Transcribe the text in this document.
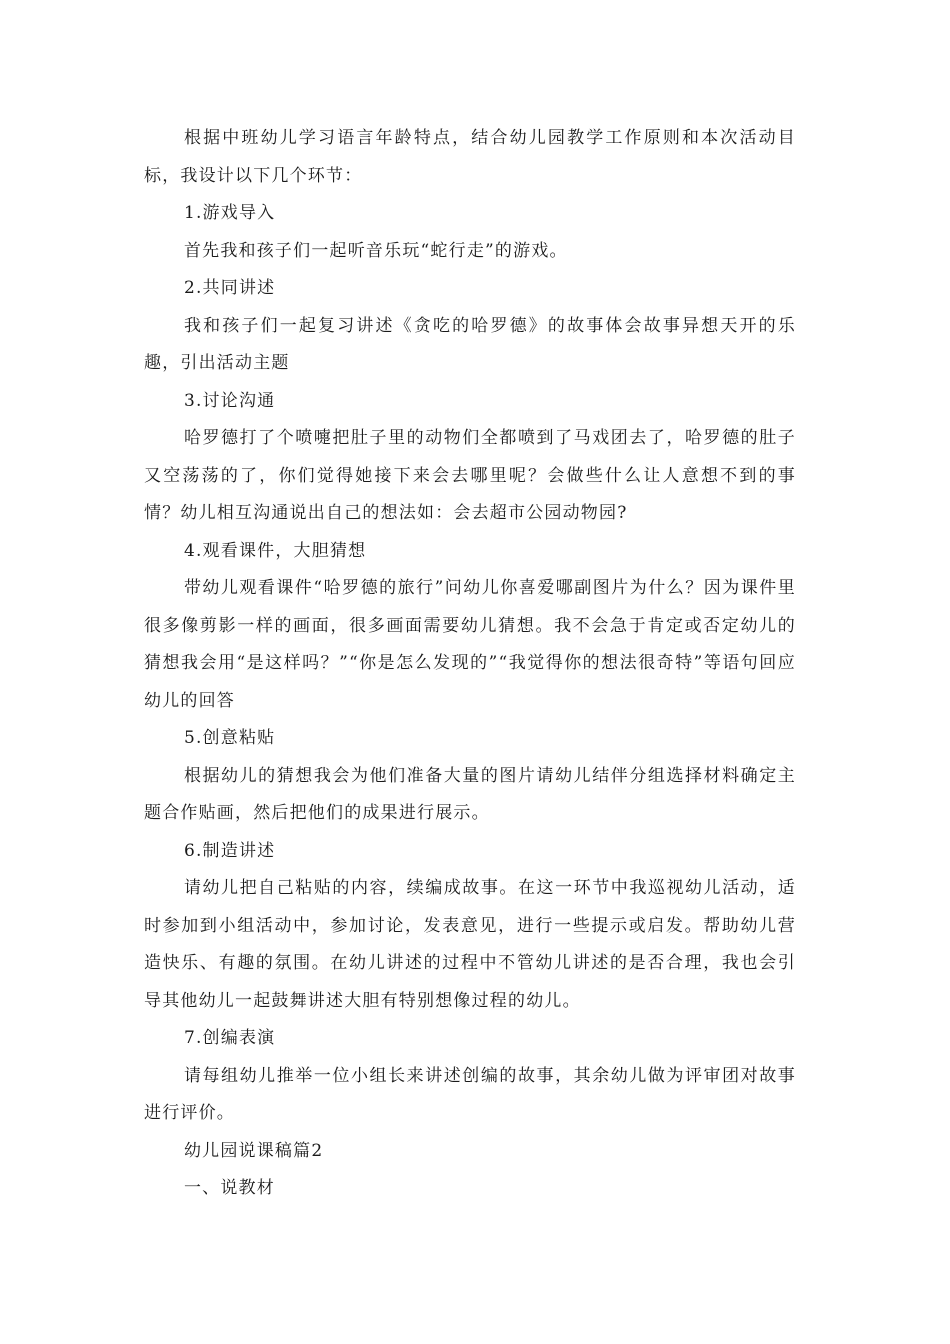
根据中班幼儿学习语言年龄特点，结合幼儿园教学工作原则和本次活动目标，我设计以下几个环节：

1.游戏导入

首先我和孩子们一起听音乐玩“蛇行走”的游戏。

2.共同讲述

我和孩子们一起复习讲述《贪吃的哈罗德》的故事体会故事异想天开的乐趣，引出活动主题

3.讨论沟通

哈罗德打了个喷嚏把肚子里的动物们全都喷到了马戏团去了，哈罗德的肚子又空荡荡的了，你们觉得她接下来会去哪里呢？会做些什么让人意想不到的事情？幼儿相互沟通说出自己的想法如：会去超市公园动物园?

4.观看课件，大胆猜想

带幼儿观看课件“哈罗德的旅行”问幼儿你喜爱哪副图片为什么？因为课件里很多像剪影一样的画面，很多画面需要幼儿猜想。我不会急于肯定或否定幼儿的猜想我会用“是这样吗？”“你是怎么发现的”“我觉得你的想法很奇特”等语句回应幼儿的回答

5.创意粘贴

根据幼儿的猜想我会为他们准备大量的图片请幼儿结伴分组选择材料确定主题合作贴画，然后把他们的成果进行展示。

6.制造讲述

请幼儿把自己粘贴的内容，续编成故事。在这一环节中我巡视幼儿活动，适时参加到小组活动中，参加讨论，发表意见，进行一些提示或启发。帮助幼儿营造快乐、有趣的氛围。在幼儿讲述的过程中不管幼儿讲述的是否合理，我也会引导其他幼儿一起鼓舞讲述大胆有特别想像过程的幼儿。

7.创编表演

请每组幼儿推举一位小组长来讲述创编的故事，其余幼儿做为评审团对故事进行评价。

幼儿园说课稿篇2

一、说教材
